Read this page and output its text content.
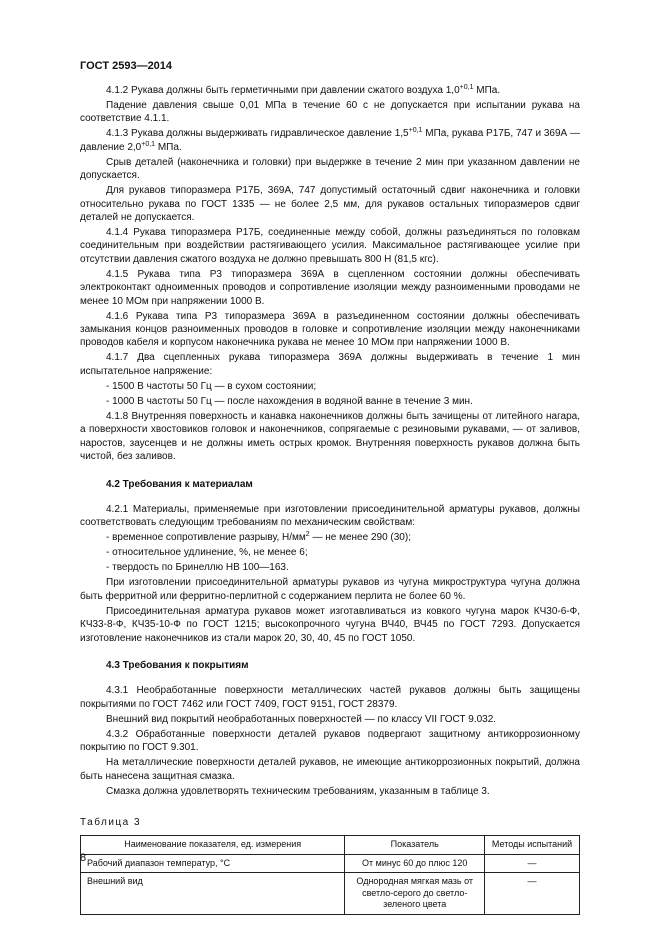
ГОСТ 2593—2014

4.1.2 Рукава должны быть герметичными при давлении сжатого воздуха $1,0^{+0,1}$ МПа.

Падение давления свыше 0,01 МПа в течение 60 с не допускается при испытании рукава на соответствие 4.1.1.

4.1.3 Рукава должны выдерживать гидравлическое давление $1,5^{+0,1}$ МПа, рукава Р17Б, 747 и 369А — давление $2,0^{+0,1}$ МПа.

Срыв деталей (наконечника и головки) при выдержке в течение 2 мин при указанном давлении не допускается.

Для рукавов типоразмера Р17Б, 369А, 747 допустимый остаточный сдвиг наконечника и головки относительно рукава по ГОСТ 1335 — не более 2,5 мм, для рукавов остальных типоразмеров сдвиг деталей не допускается.

4.1.4 Рукава типоразмера Р17Б, соединенные между собой, должны разъединяться по головкам соединительным при воздействии растягивающего усилия. Максимальное растягивающее усилие при отсутствии давления сжатого воздуха не должно превышать 800 Н (81,5 кгс).

4.1.5 Рукава типа Р3 типоразмера 369А в сцепленном состоянии должны обеспечивать электроконтакт одноименных проводов и сопротивление изоляции между разноименными проводами не менее 10 МОм при напряжении 1000 В.

4.1.6 Рукава типа Р3 типоразмера 369А в разъединенном состоянии должны обеспечивать замыкания концов разноименных проводов в головке и сопротивление изоляции между наконечниками проводов кабеля и корпусом наконечника рукава не менее 10 МОм при напряжении 1000 В.

4.1.7 Два сцепленных рукава типоразмера 369А должны выдерживать в течение 1 мин испытательное напряжение:

- 1500 В частоты 50 Гц — в сухом состоянии;

- 1000 В частоты 50 Гц — после нахождения в водяной ванне в течение 3 мин.

4.1.8 Внутренняя поверхность и канавка наконечников должны быть зачищены от литейного нагара, а поверхности хвостовиков головок и наконечников, сопрягаемые с резиновыми рукавами, — от заливов, наростов, заусенцев и не должны иметь острых кромок. Внутренняя поверхность рукавов должна быть чистой, без заливов.

4.2 Требования к материалам

4.2.1 Материалы, применяемые при изготовлении присоединительной арматуры рукавов, должны соответствовать следующим требованиям по механическим свойствам:

- временное сопротивление разрыву, $Н/мм^2$ — не менее 290 (30);

- относительное удлинение, %, не менее 6;

- твердость по Бринеллю НВ 100—163.

При изготовлении присоединительной арматуры рукавов из чугуна микроструктура чугуна должна быть ферритной или ферритно-перлитной с содержанием перлита не более 60 %.

Присоединительная арматура рукавов может изготавливаться из ковкого чугуна марок КЧ30-6-Ф, КЧ33-8-Ф, КЧ35-10-Ф по ГОСТ 1215; высокопрочного чугуна ВЧ40, ВЧ45 по ГОСТ 7293. Допускается изготовление наконечников из стали марок 20, 30, 40, 45 по ГОСТ 1050.

4.3 Требования к покрытиям

4.3.1 Необработанные поверхности металлических частей рукавов должны быть защищены покрытиями по ГОСТ 7462 или ГОСТ 7409, ГОСТ 9151, ГОСТ 28379.

Внешний вид покрытий необработанных поверхностей — по классу VII ГОСТ 9.032.

4.3.2 Обработанные поверхности деталей рукавов подвергают защитному антикоррозионному покрытию по ГОСТ 9.301.

На металлические поверхности деталей рукавов, не имеющие антикоррозионных покрытий, должна быть нанесена защитная смазка.

Смазка должна удовлетворять техническим требованиям, указанным в таблице 3.

Таблица 3

Наименование показателя, ед. измерения	Показатель	Методы испытаний
Рабочий диапазон температур, °С	От минус 60 до плюс 120	—
Внешний вид	Однородная мягкая мазь от светло-серого до светло-зеленого цвета	—
8
